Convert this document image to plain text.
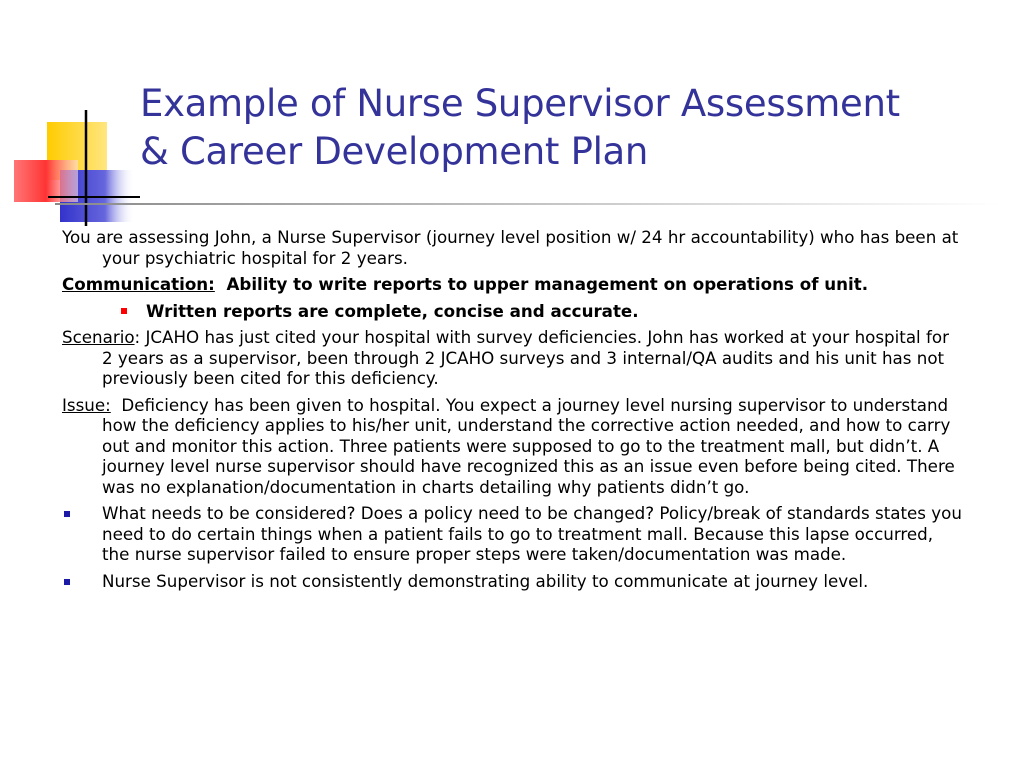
Example of Nurse Supervisor Assessment
& Career Development Plan

You are assessing John, a Nurse Supervisor (journey level position w/ 24 hr accountability) who has been at your psychiatric hospital for 2 years.

Communication: Ability to write reports to upper management on operations of unit.

Written reports are complete, concise and accurate.

Scenario: JCAHO has just cited your hospital with survey deficiencies. John has worked at your hospital for 2 years as a supervisor, been through 2 JCAHO surveys and 3 internal/QA audits and his unit has not previously been cited for this deficiency.

Issue: Deficiency has been given to hospital. You expect a journey level nursing supervisor to understand how the deficiency applies to his/her unit, understand the corrective action needed, and how to carry out and monitor this action. Three patients were supposed to go to the treatment mall, but didn’t. A journey level nurse supervisor should have recognized this as an issue even before being cited. There was no explanation/documentation in charts detailing why patients didn’t go.

What needs to be considered? Does a policy need to be changed? Policy/break of standards states you need to do certain things when a patient fails to go to treatment mall. Because this lapse occurred, the nurse supervisor failed to ensure proper steps were taken/documentation was made.

Nurse Supervisor is not consistently demonstrating ability to communicate at journey level.
